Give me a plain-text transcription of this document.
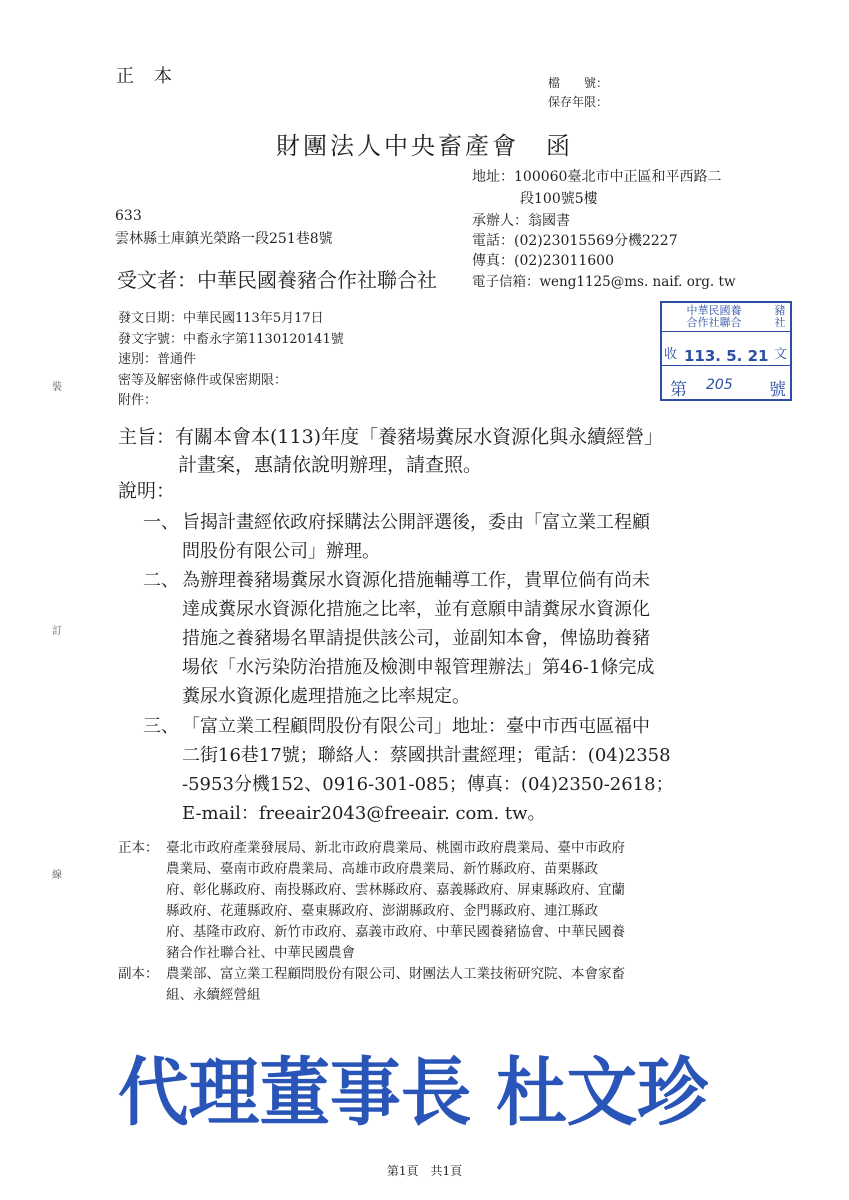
裝
訂
線
正本	檔　　號：
保存年限：
財團法人中央畜產會　函
地址：100060臺北市中正區和平西路二
段100號5樓
承辦人：翁國書
電話：(02)23015569分機2227
傳真：(02)23011600
電子信箱：weng1125@ms. naif. org. tw
633
雲林縣土庫鎮光榮路一段251巷8號
受文者：中華民國養豬合作社聯合社
發文日期：中華民國113年5月17日
發文字號：中畜永字第1130120141號
速別：普通件
密等及解密條件或保密期限：
附件：
中華民國養
合作社聯合
豬
社
收 113. 5. 21 文
第 205 號
主旨：有關本會本(113)年度「養豬場糞尿水資源化與永續經營」
計畫案，惠請依說明辦理，請查照。
說明：
一、 旨揭計畫經依政府採購法公開評選後，委由「富立業工程顧
問股份有限公司」辦理。
二、 為辦理養豬場糞尿水資源化措施輔導工作，貴單位倘有尚未
達成糞尿水資源化措施之比率，並有意願申請糞尿水資源化
措施之養豬場名單請提供該公司，並副知本會，俾協助養豬
場依「水污染防治措施及檢測申報管理辦法」第46-1條完成
糞尿水資源化處理措施之比率規定。
三、 「富立業工程顧問股份有限公司」地址：臺中市西屯區福中
二街16巷17號；聯絡人：蔡國拱計畫經理；電話：(04)2358
-5953分機152、0916-301-085；傳真：(04)2350-2618；
E-mail：freeair2043@freeair. com. tw。
正本： 臺北市政府產業發展局、新北市政府農業局、桃園市政府農業局、臺中市政府
農業局、臺南市政府農業局、高雄市政府農業局、新竹縣政府、苗栗縣政
府、彰化縣政府、南投縣政府、雲林縣政府、嘉義縣政府、屏東縣政府、宜蘭
縣政府、花蓮縣政府、臺東縣政府、澎湖縣政府、金門縣政府、連江縣政
府、基隆市政府、新竹市政府、嘉義市政府、中華民國養豬協會、中華民國養
豬合作社聯合社、中華民國農會
副本： 農業部、富立業工程顧問股份有限公司、財團法人工業技術研究院、本會家畜
組、永續經營組
代理董事長 杜文珍
第1頁　共1頁
